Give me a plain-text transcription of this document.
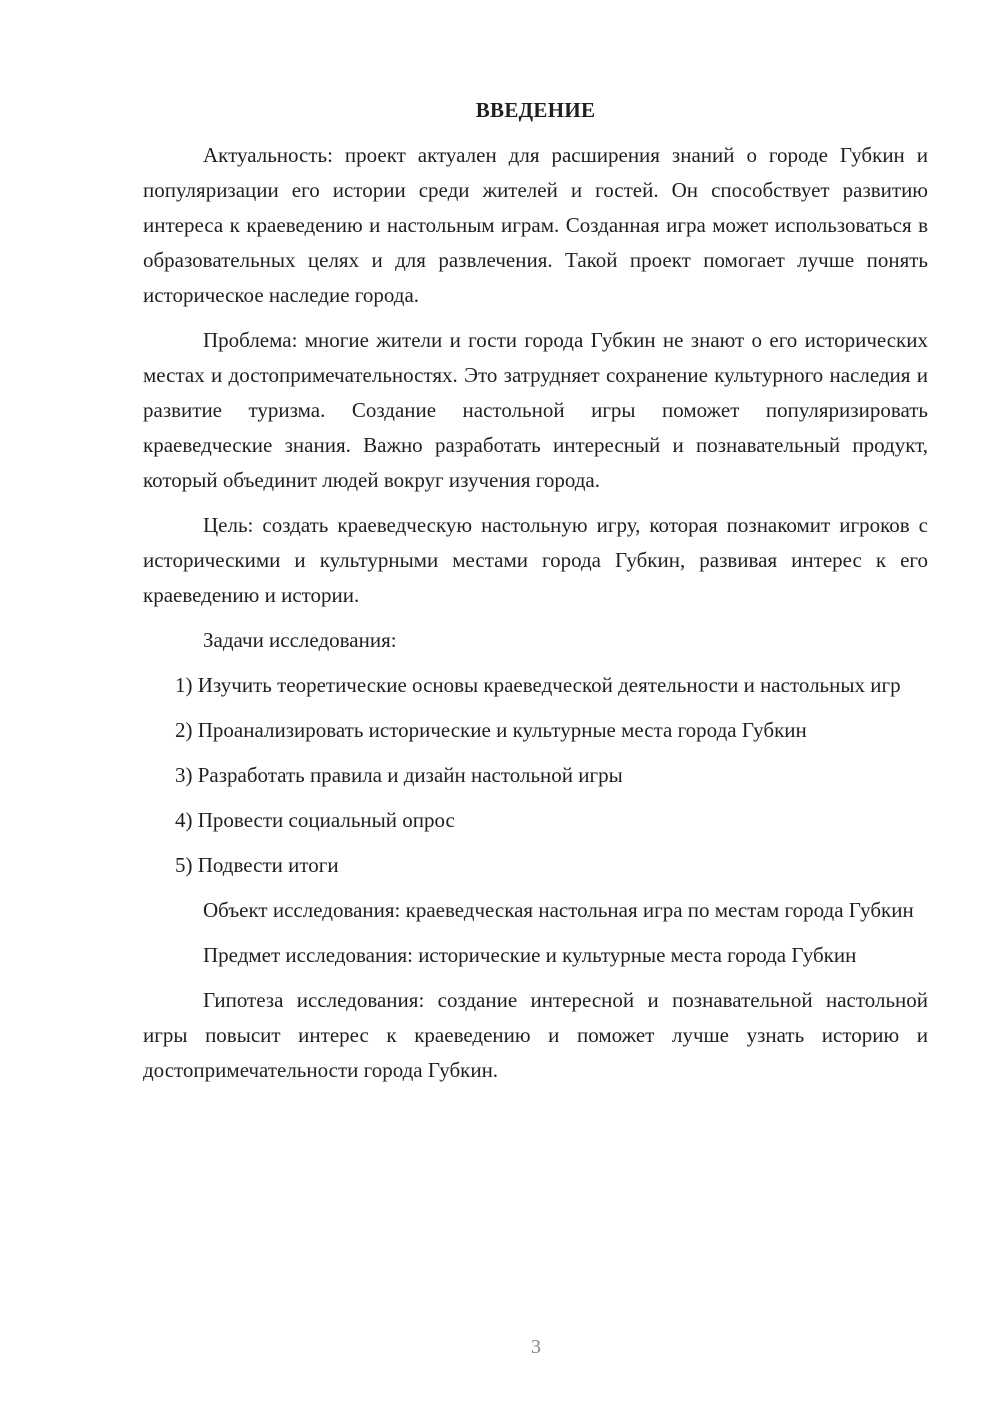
ВВЕДЕНИЕ

Актуальность: проект актуален для расширения знаний о городе Губкин и популяризации его истории среди жителей и гостей. Он способствует развитию интереса к краеведению и настольным играм. Созданная игра может использоваться в образовательных целях и для развлечения. Такой проект помогает лучше понять историческое наследие города.

Проблема: многие жители и гости города Губкин не знают о его исторических местах и достопримечательностях. Это затрудняет сохранение культурного наследия и развитие туризма. Создание настольной игры поможет популяризировать краеведческие знания. Важно разработать интересный и познавательный продукт, который объединит людей вокруг изучения города.

Цель: создать краеведческую настольную игру, которая познакомит игроков с историческими и культурными местами города Губкин, развивая интерес к его краеведению и истории.

Задачи исследования:

1) Изучить теоретические основы краеведческой деятельности и настольных игр

2) Проанализировать исторические и культурные места города Губкин

3) Разработать правила и дизайн настольной игры

4) Провести социальный опрос

5) Подвести итоги

Объект исследования: краеведческая настольная игра по местам города Губкин

Предмет исследования: исторические и культурные места города Губкин

Гипотеза исследования: создание интересной и познавательной настольной игры повысит интерес к краеведению и поможет лучше узнать историю и достопримечательности города Губкин.

3
